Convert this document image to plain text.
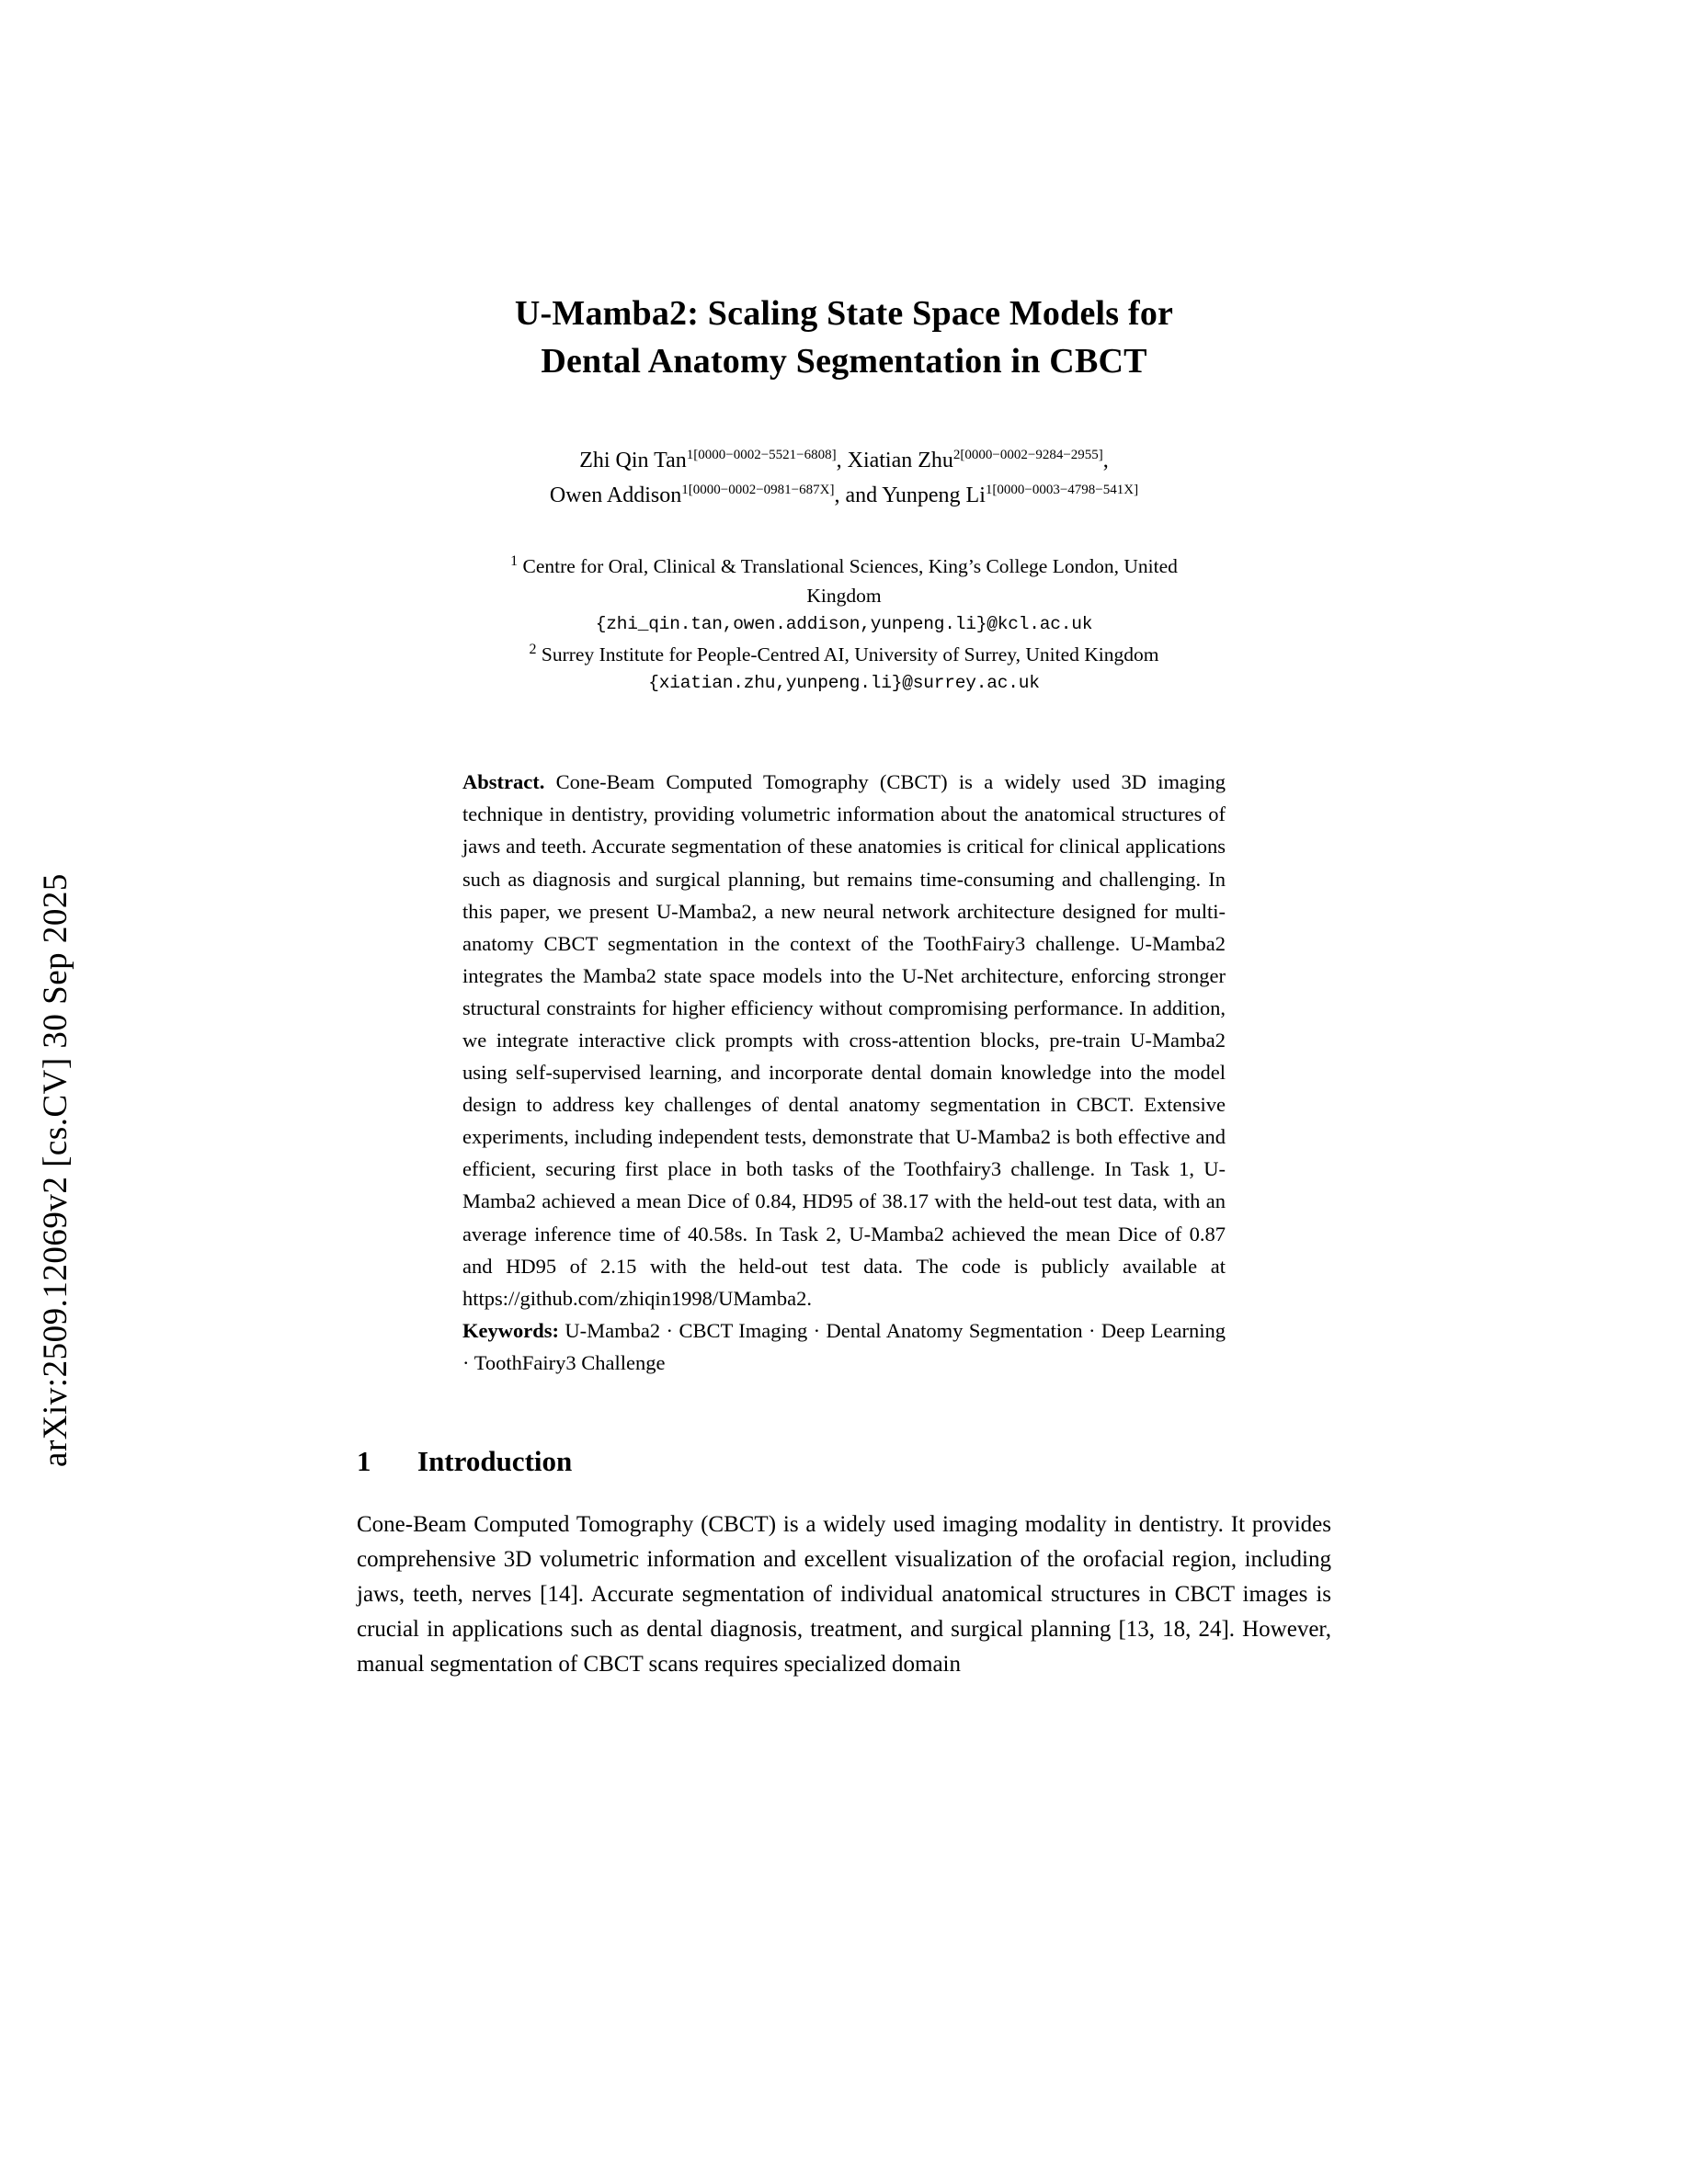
arXiv:2509.12069v2 [cs.CV] 30 Sep 2025
U-Mamba2: Scaling State Space Models for
Dental Anatomy Segmentation in CBCT
Zhi Qin Tan$^{1[0000-0002-5521-6808]}$, Xiatian Zhu$^{2[0000-0002-9284-2955]}$,
Owen Addison$^{1[0000-0002-0981-687X]}$, and Yunpeng $Li^{1[0000-0003-4798-541X]}$
$^1$ Centre for Oral, Clinical & Translational Sciences, King’s College London, United
Kingdom
{zhi_qin.tan,owen.addison,yunpeng.li}@kcl.ac.uk
$^2$ Surrey Institute for People-Centred AI, University of Surrey, United Kingdom
{xiatian.zhu,yunpeng.li}@surrey.ac.uk

Abstract. Cone-Beam Computed Tomography (CBCT) is a widely used 3D imaging technique in dentistry, providing volumetric information about the anatomical structures of jaws and teeth. Accurate segmentation of these anatomies is critical for clinical applications such as diagnosis and surgical planning, but remains time-consuming and challenging. In this paper, we present U-Mamba2, a new neural network architecture designed for multi-anatomy CBCT segmentation in the context of the ToothFairy3 challenge. U-Mamba2 integrates the Mamba2 state space models into the U-Net architecture, enforcing stronger structural constraints for higher efficiency without compromising performance. In addition, we integrate interactive click prompts with cross-attention blocks, pre-train U-Mamba2 using self-supervised learning, and incorporate dental domain knowledge into the model design to address key challenges of dental anatomy segmentation in CBCT. Extensive experiments, including independent tests, demonstrate that U-Mamba2 is both effective and efficient, securing first place in both tasks of the Toothfairy3 challenge. In Task 1, U-Mamba2 achieved a mean Dice of 0.84, HD95 of 38.17 with the held-out test data, with an average inference time of 40.58s. In Task 2, U-Mamba2 achieved the mean Dice of 0.87 and HD95 of 2.15 with the held-out test data. The code is publicly available at https://github.com/zhiqin1998/UMamba2.

Keywords: U-Mamba2 · CBCT Imaging · Dental Anatomy Segmentation · Deep Learning · ToothFairy3 Challenge

1	Introduction

Cone-Beam Computed Tomography (CBCT) is a widely used imaging modality in dentistry. It provides comprehensive 3D volumetric information and excellent visualization of the orofacial region, including jaws, teeth, nerves [14]. Accurate segmentation of individual anatomical structures in CBCT images is crucial in applications such as dental diagnosis, treatment, and surgical planning [13, 18, 24]. However, manual segmentation of CBCT scans requires specialized domain
